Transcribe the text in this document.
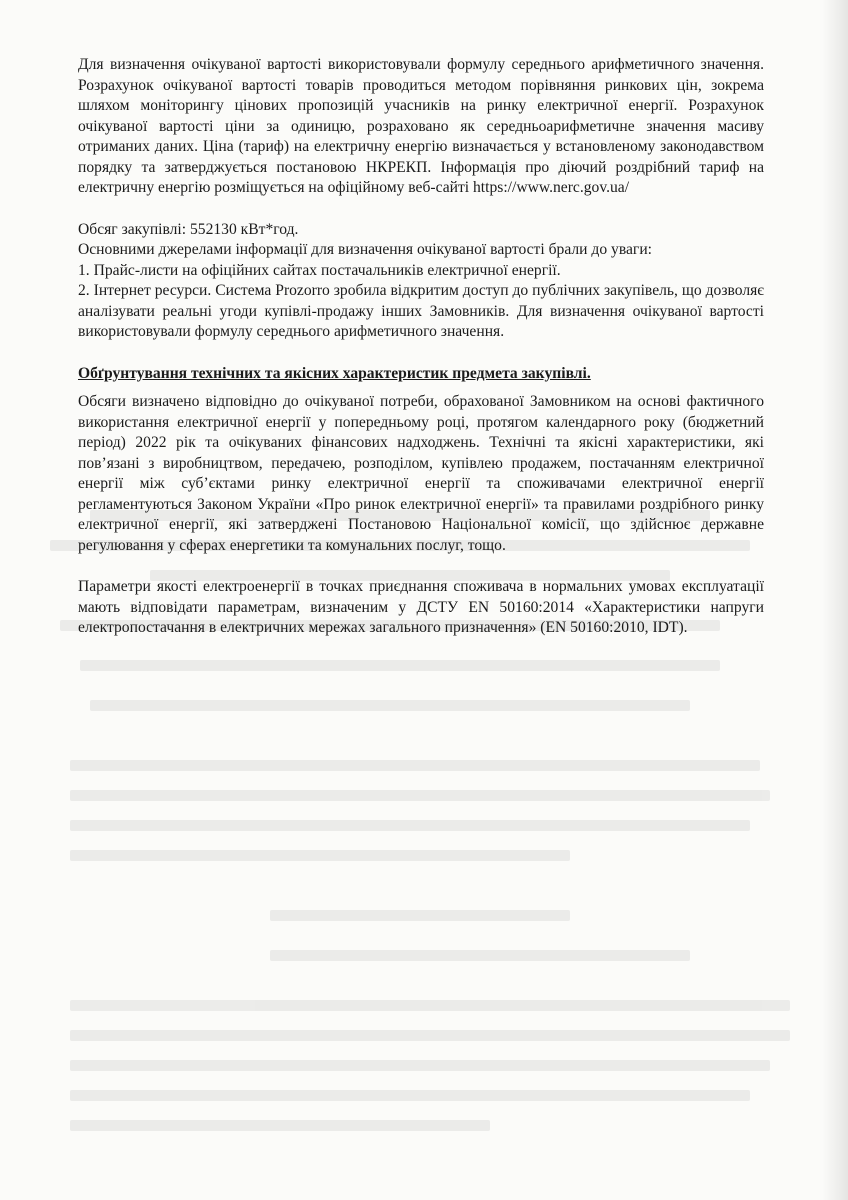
Для визначення очікуваної вартості використовували формулу середнього арифметичного значення. Розрахунок очікуваної вартості товарів проводиться методом порівняння ринкових цін, зокрема шляхом моніторингу цінових пропозицій учасників на ринку електричної енергії. Розрахунок очікуваної вартості ціни за одиницю, розраховано як середньоарифметичне значення масиву отриманих даних. Ціна (тариф) на електричну енергію визначається у встановленому законодавством порядку та затверджується постановою НКРЕКП. Інформація про діючий роздрібний тариф на електричну енергію розміщується на офіційному веб-сайті https://www.nerc.gov.ua/

Обсяг закупівлі: 552130 кВт*год.

Основними джерелами інформації для визначення очікуваної вартості брали до уваги:

1. Прайс-листи на офіційних сайтах постачальників електричної енергії.

2. Інтернет ресурси. Система Prozorro зробила відкритим доступ до публічних закупівель, що дозволяє аналізувати реальні угоди купівлі-продажу інших Замовників. Для визначення очікуваної вартості використовували формулу середнього арифметичного значення.

Обґрунтування технічних та якісних характеристик предмета закупівлі.

Обсяги визначено відповідно до очікуваної потреби, обрахованої Замовником на основі фактичного використання електричної енергії у попередньому році, протягом календарного року (бюджетний період) 2022 рік та очікуваних фінансових надходжень. Технічні та якісні характеристики, які пов’язані з виробництвом, передачею, розподілом, купівлею продажем, постачанням електричної енергії між суб’єктами ринку електричної енергії та споживачами електричної енергії регламентуються Законом України «Про ринок електричної енергії» та правилами роздрібного ринку електричної енергії, які затверджені Постановою Національної комісії, що здійснює державне регулювання у сферах енергетики та комунальних послуг, тощо.

Параметри якості електроенергії в точках приєднання споживача в нормальних умовах експлуатації мають відповідати параметрам, визначеним у ДСТУ EN 50160:2014 «Характеристики напруги електропостачання в електричних мережах загального призначення» (EN 50160:2010, IDT).
